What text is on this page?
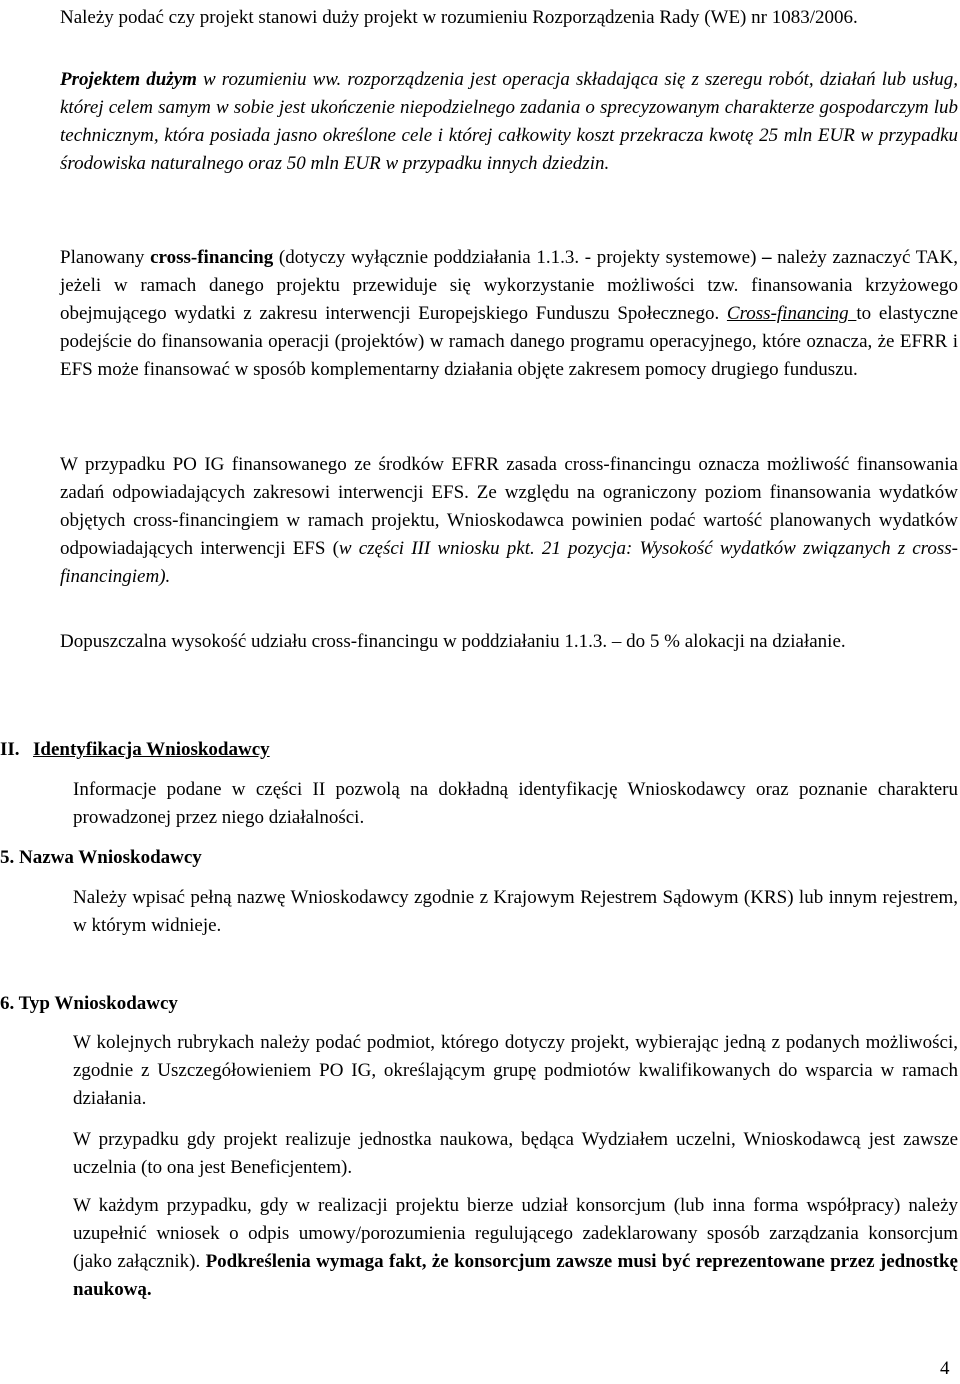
Należy podać czy projekt stanowi duży projekt w rozumieniu Rozporządzenia Rady (WE) nr 1083/2006.

Projektem dużym w rozumieniu ww. rozporządzenia jest operacja składająca się z szeregu robót, działań lub usług, której celem samym w sobie jest ukończenie niepodzielnego zadania o sprecyzowanym charakterze gospodarczym lub technicznym, która posiada jasno określone cele i której całkowity koszt przekracza kwotę 25 mln EUR w przypadku środowiska naturalnego oraz 50 mln EUR w przypadku innych dziedzin.

Planowany cross-financing (dotyczy wyłącznie poddziałania 1.1.3. - projekty systemowe) – należy zaznaczyć TAK, jeżeli w ramach danego projektu przewiduje się wykorzystanie możliwości tzw. finansowania krzyżowego obejmującego wydatki z zakresu interwencji Europejskiego Funduszu Społecznego. Cross-financing to elastyczne podejście do finansowania operacji (projektów) w ramach danego programu operacyjnego, które oznacza, że EFRR i EFS może finansować w sposób komplementarny działania objęte zakresem pomocy drugiego funduszu.

W przypadku PO IG finansowanego ze środków EFRR zasada cross-financingu oznacza możliwość finansowania zadań odpowiadających zakresowi interwencji EFS. Ze względu na ograniczony poziom finansowania wydatków objętych cross-financingiem w ramach projektu, Wnioskodawca powinien podać wartość planowanych wydatków odpowiadających interwencji EFS (w części III wniosku pkt. 21 pozycja: Wysokość wydatków związanych z cross-financingiem).

Dopuszczalna wysokość udziału cross-financingu w poddziałaniu 1.1.3. – do 5 % alokacji na działanie.

II. Identyfikacja Wnioskodawcy

Informacje podane w części II pozwolą na dokładną identyfikację Wnioskodawcy oraz poznanie charakteru prowadzonej przez niego działalności.

5. Nazwa Wnioskodawcy

Należy wpisać pełną nazwę Wnioskodawcy zgodnie z Krajowym Rejestrem Sądowym (KRS) lub innym rejestrem, w którym widnieje.

6. Typ Wnioskodawcy

W kolejnych rubrykach należy podać podmiot, którego dotyczy projekt, wybierając jedną z podanych możliwości, zgodnie z Uszczegółowieniem PO IG, określającym grupę podmiotów kwalifikowanych do wsparcia w ramach działania.

W przypadku gdy projekt realizuje jednostka naukowa, będąca Wydziałem uczelni, Wnioskodawcą jest zawsze uczelnia (to ona jest Beneficjentem).

W każdym przypadku, gdy w realizacji projektu bierze udział konsorcjum (lub inna forma współpracy) należy uzupełnić wniosek o odpis umowy/porozumienia regulującego zadeklarowany sposób zarządzania konsorcjum (jako załącznik). Podkreślenia wymaga fakt, że konsorcjum zawsze musi być reprezentowane przez jednostkę naukową.

4
